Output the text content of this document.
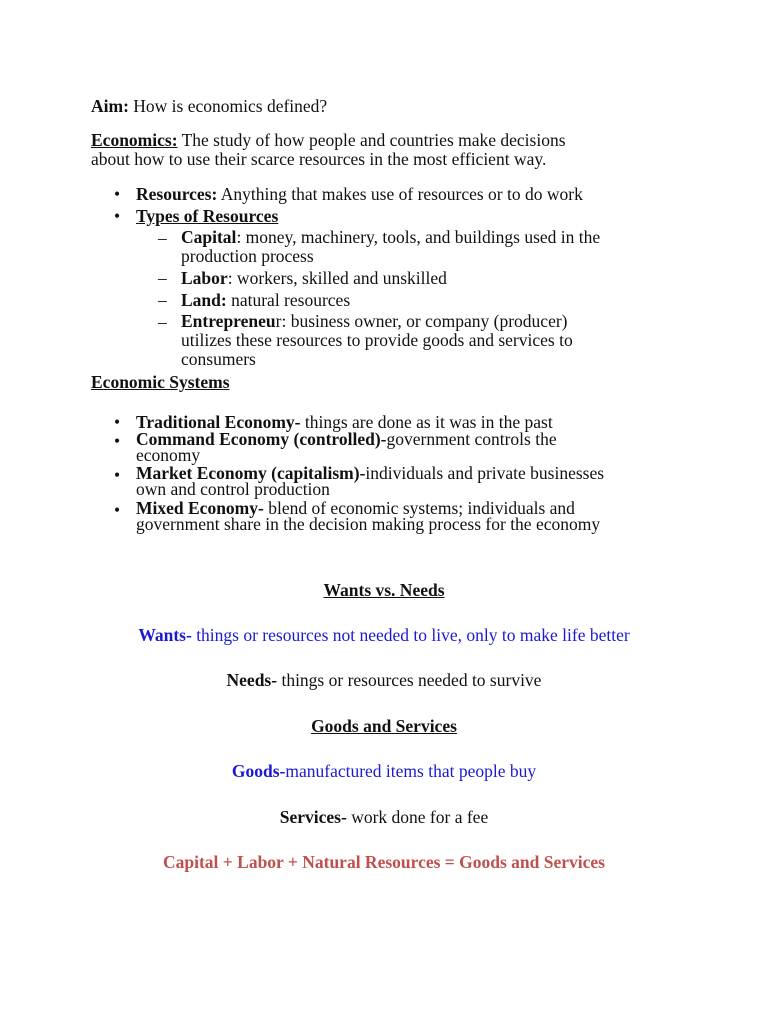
Aim: How is economics defined?
Economics: The study of how people and countries make decisions
about how to use their scarce resources in the most efficient way.
• Resources: Anything that makes use of resources or to do work
• Types of Resources
– Capital: money, machinery, tools, and buildings used in the
production process
– Labor: workers, skilled and unskilled
– Land: natural resources
– Entrepreneur: business owner, or company (producer)
utilizes these resources to provide goods and services to
consumers
Economic Systems
• Traditional Economy- things are done as it was in the past
• Command Economy (controlled)-government controls the
economy
• Market Economy (capitalism)-individuals and private businesses
own and control production
• Mixed Economy- blend of economic systems; individuals and
government share in the decision making process for the economy
Wants vs. Needs
Wants- things or resources not needed to live, only to make life better
Needs- things or resources needed to survive
Goods and Services
Goods-manufactured items that people buy
Services- work done for a fee
Capital + Labor + Natural Resources = Goods and Services
